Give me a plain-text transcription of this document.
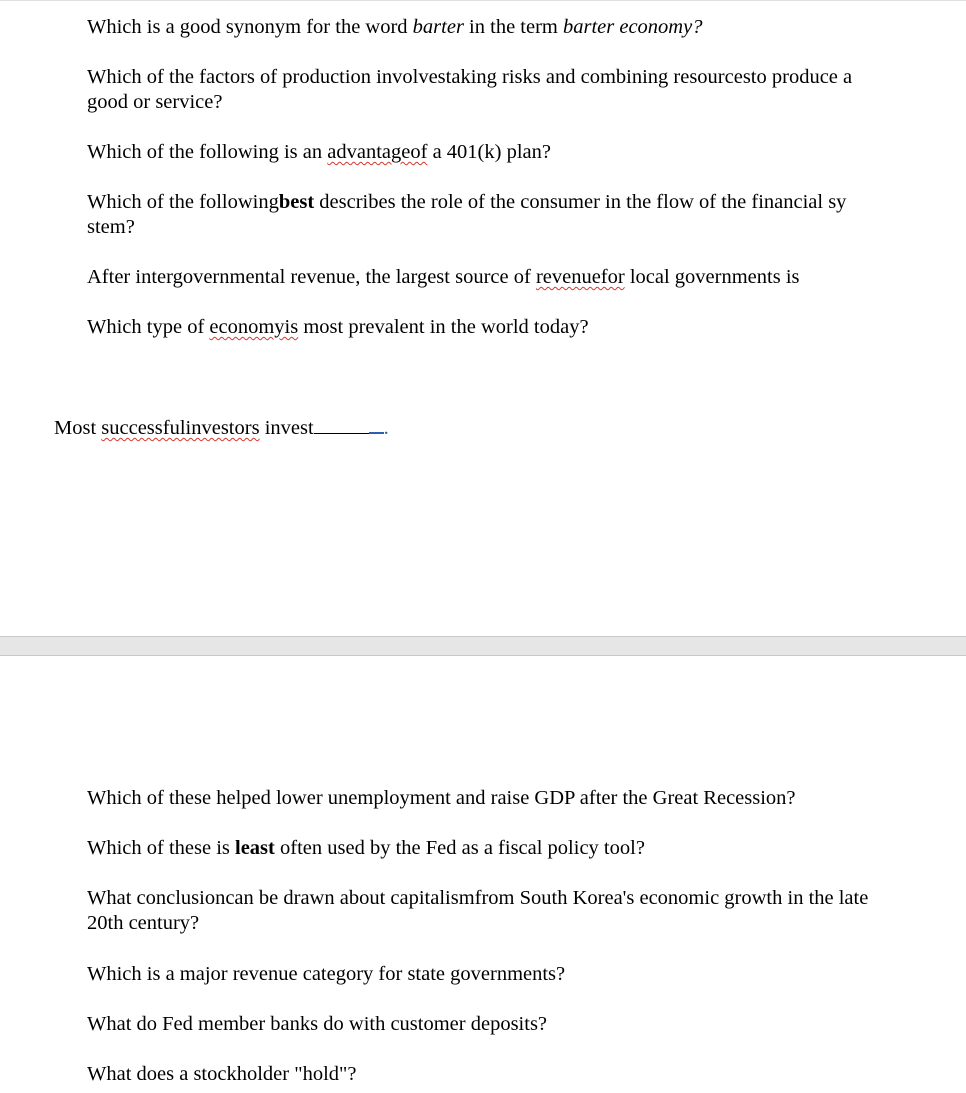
Which is a good synonym for the word barter in the term barter economy?

Which of the factors of production involvestaking risks and combining resourcesto produce a good or service?

Which of the following is an advantageof a 401(k) plan?

Which of the followingbest describes the role of the consumer in the flow of the financial sy stem?

After intergovernmental revenue, the largest source of revenuefor local governments is

Which type of economyis most prevalent in the world today?

Most successfulinvestors invest	.

Which of these helped lower unemployment and raise GDP after the Great Recession?

Which of these is least often used by the Fed as a fiscal policy tool?

What conclusioncan be drawn about capitalismfrom South Korea's economic growth in the late 20th century?

Which is a major revenue category for state governments?

What do Fed member banks do with customer deposits?

What does a stockholder "hold"?
